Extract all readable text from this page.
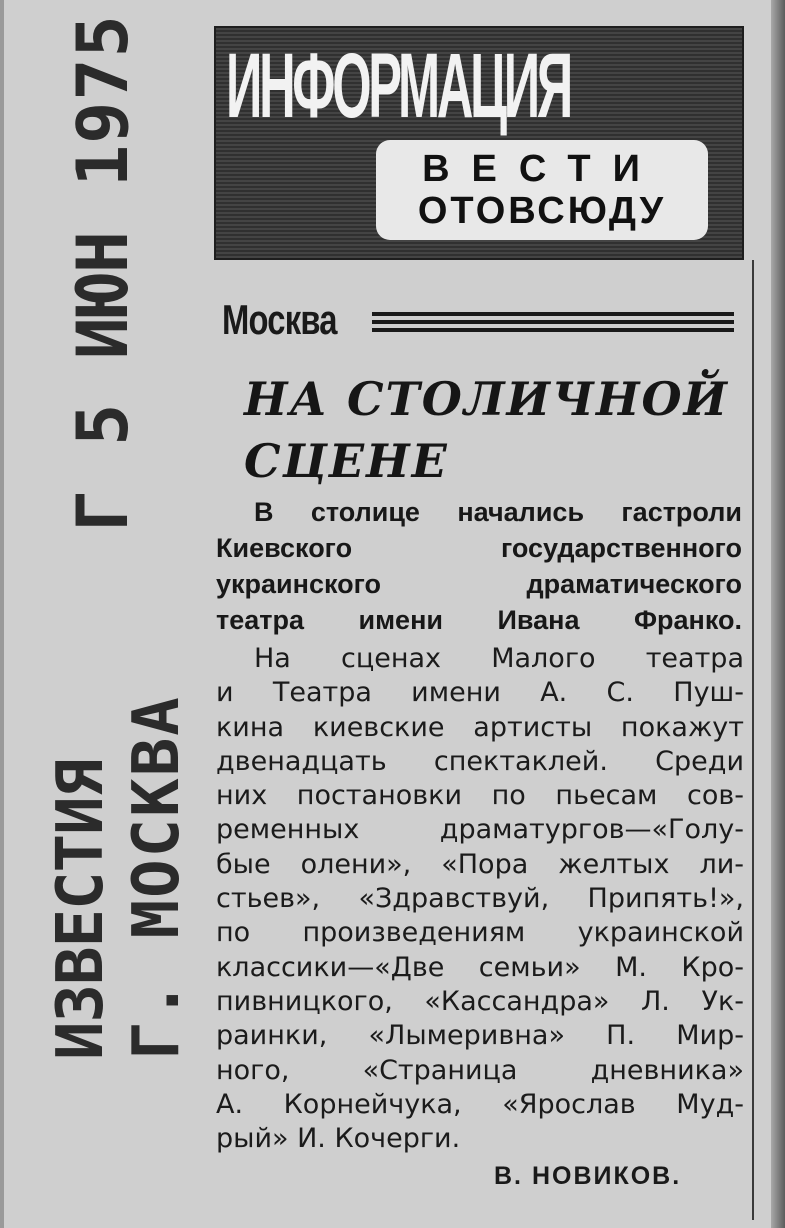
Г 5 ИЮН 1975
ИЗВЕСТИЯ Г. МОСКВА
ИНФОРМАЦИЯ
ВЕСТИ
ОТОВСЮДУ
Москва
НА СТОЛИЧНОЙ
СЦЕНЕ
В столице начались гастроли
Киевского государственного
украинского драматического
театра имени Ивана Франко.
На сценах Малого театра
и Театра имени А. С. Пуш-
кина киевские артисты покажут
двенадцать спектаклей. Среди
них постановки по пьесам сов-
ременных драматургов—«Голу-
бые олени», «Пора желтых ли-
стьев», «Здравствуй, Припять!»,
по произведениям украинской
классики—«Две семьи» М. Кро-
пивницкого, «Кассандра» Л. Ук-
раинки, «Лымеривна» П. Мир-
ного, «Страница дневника»
А. Корнейчука, «Ярослав Муд-
рый» И. Кочерги.
В. НОВИКОВ.
